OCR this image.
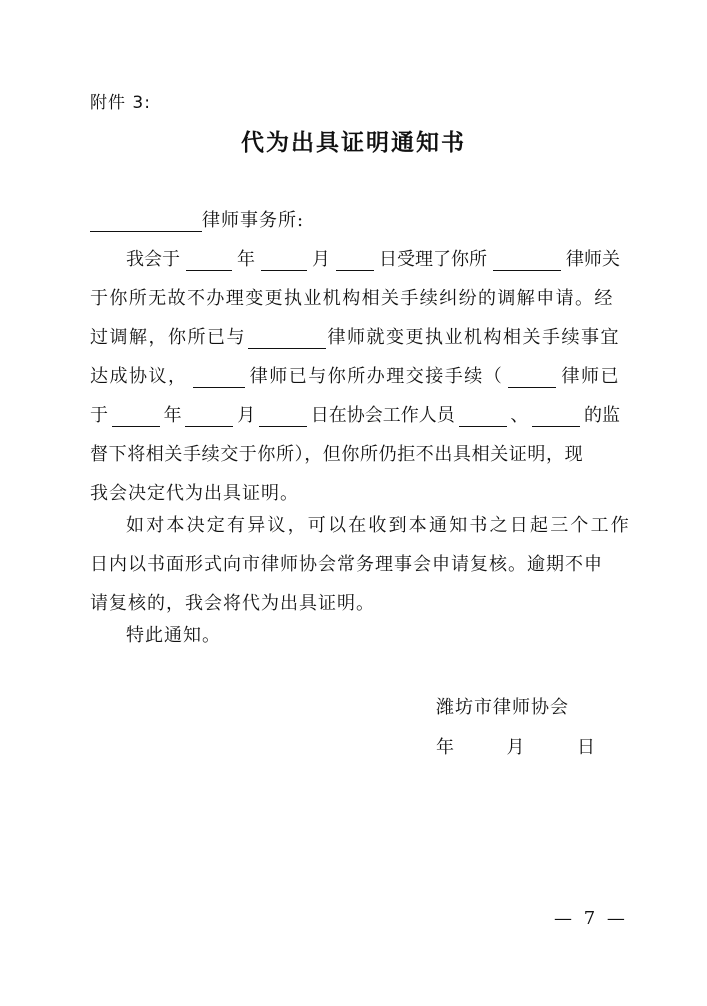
附件 3:
代为出具证明通知书
律师事务所:
我会于	年	月	日受理了你所	律师关
于你所无故不办理变更执业机构相关手续纠纷的调解申请。经
过调解，你所已与	律师就变更执业机构相关手续事宜
达成协议，	律师已与你所办理交接手续（	律师已
于	年	月	日在协会工作人员	、	的监
督下将相关手续交于你所），但你所仍拒不出具相关证明，现
我会决定代为出具证明。
如对本决定有异议，可以在收到本通知书之日起三个工作
日内以书面形式向市律师协会常务理事会申请复核。逾期不申
请复核的，我会将代为出具证明。
特此通知。
潍坊市律师协会
年	月	日
— 7 —
